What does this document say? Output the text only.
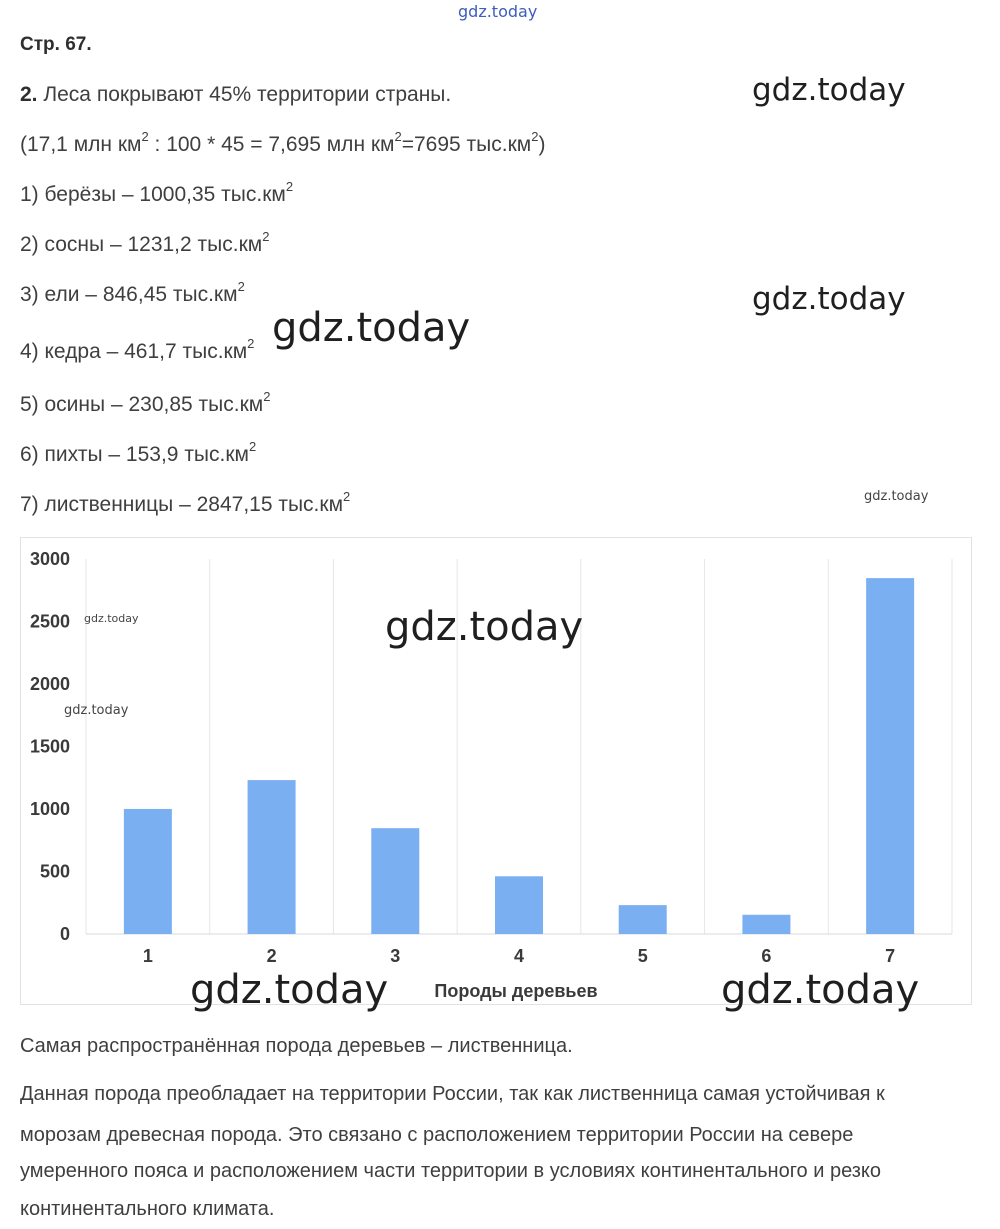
gdz.today
Стр. 67.
2. Леса покрывают 45% территории страны.
(17,1 млн $км^2$ : 100 * 45 = 7,695 млн $км^2=7695$ $тыс.км^2$)
1) берёзы – 1000,35 $тыс.км^2$
2) сосны – 1231,2 $тыс.км^2$
3) ели – 846,45 $тыс.км^2$
4) кедра – 461,7 $тыс.км^2$
5) осины – 230,85 $тыс.км^2$
6) пихты – 153,9 $тыс.км^2$
7) лиственницы – 2847,15 $тыс.км^2$
gdz.today
gdz.today
gdz.today
gdz.today
0
500
1000
1500
2000
2500
3000
1	2	3	4	5	6	7
Породы деревьев
gdz.today
gdz.today
gdz.today
gdz.today	gdz.today
Самая распространённая порода деревьев – лиственница.
Данная порода преобладает на территории России, так как лиственница самая устойчивая к
морозам древесная порода. Это связано с расположением территории России на севере
умеренного пояса и расположением части территории в условиях континентального и резко
континентального климата.
